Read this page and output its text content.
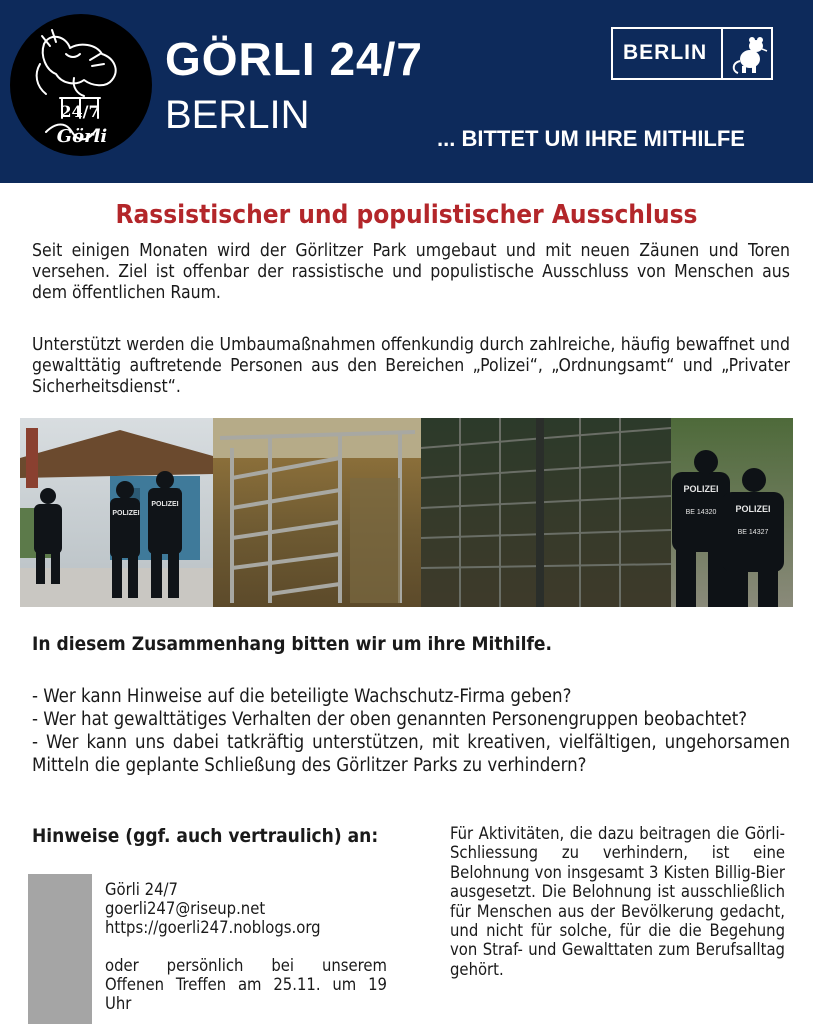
24/7
Görli
GÖRLI 24/7
BERLIN
BERLIN
... BITTET UM IHRE MITHILFE
Rassistischer und populistischer Ausschluss
Seit einigen Monaten wird der Görlitzer Park umgebaut und mit neuen Zäunen und Toren versehen. Ziel ist offenbar der rassistische und populistische Ausschluss von Menschen aus dem öffentlichen Raum.
Unterstützt werden die Umbaumaßnahmen offenkundig durch zahlreiche, häufig bewaffnet und gewalttätig auftretende Personen aus den Bereichen „Polizei“, „Ordnungsamt“ und „Privater Sicherheitsdienst“.
POLIZEI
BE 14320 POLIZEI
BE 14327
POLIZEI
POLIZEI
In diesem Zusammenhang bitten wir um ihre Mithilfe.
- Wer kann Hinweise auf die beteiligte Wachschutz-Firma geben?
- Wer hat gewalttätiges Verhalten der oben genannten Personengruppen beobachtet?
- Wer kann uns dabei tatkräftig unterstützen, mit kreativen, vielfältigen, ungehorsamen Mitteln die geplante Schließung des Görlitzer Parks zu verhindern?
Hinweise (ggf. auch vertraulich) an:
Görli 24/7
goerli247@riseup.net
https://goerli247.noblogs.org
oder persönlich bei unserem
Offenen Treffen am 25.11. um 19
Uhr
Für Aktivitäten, die dazu beitragen die Görli-Schliessung zu verhindern, ist eine Belohnung von insgesamt 3 Kisten Billig-Bier ausgesetzt. Die Belohnung ist ausschließlich für Menschen aus der Bevölkerung gedacht, und nicht für solche, für die die Begehung von Straf- und Gewalttaten zum Berufsalltag gehört.
